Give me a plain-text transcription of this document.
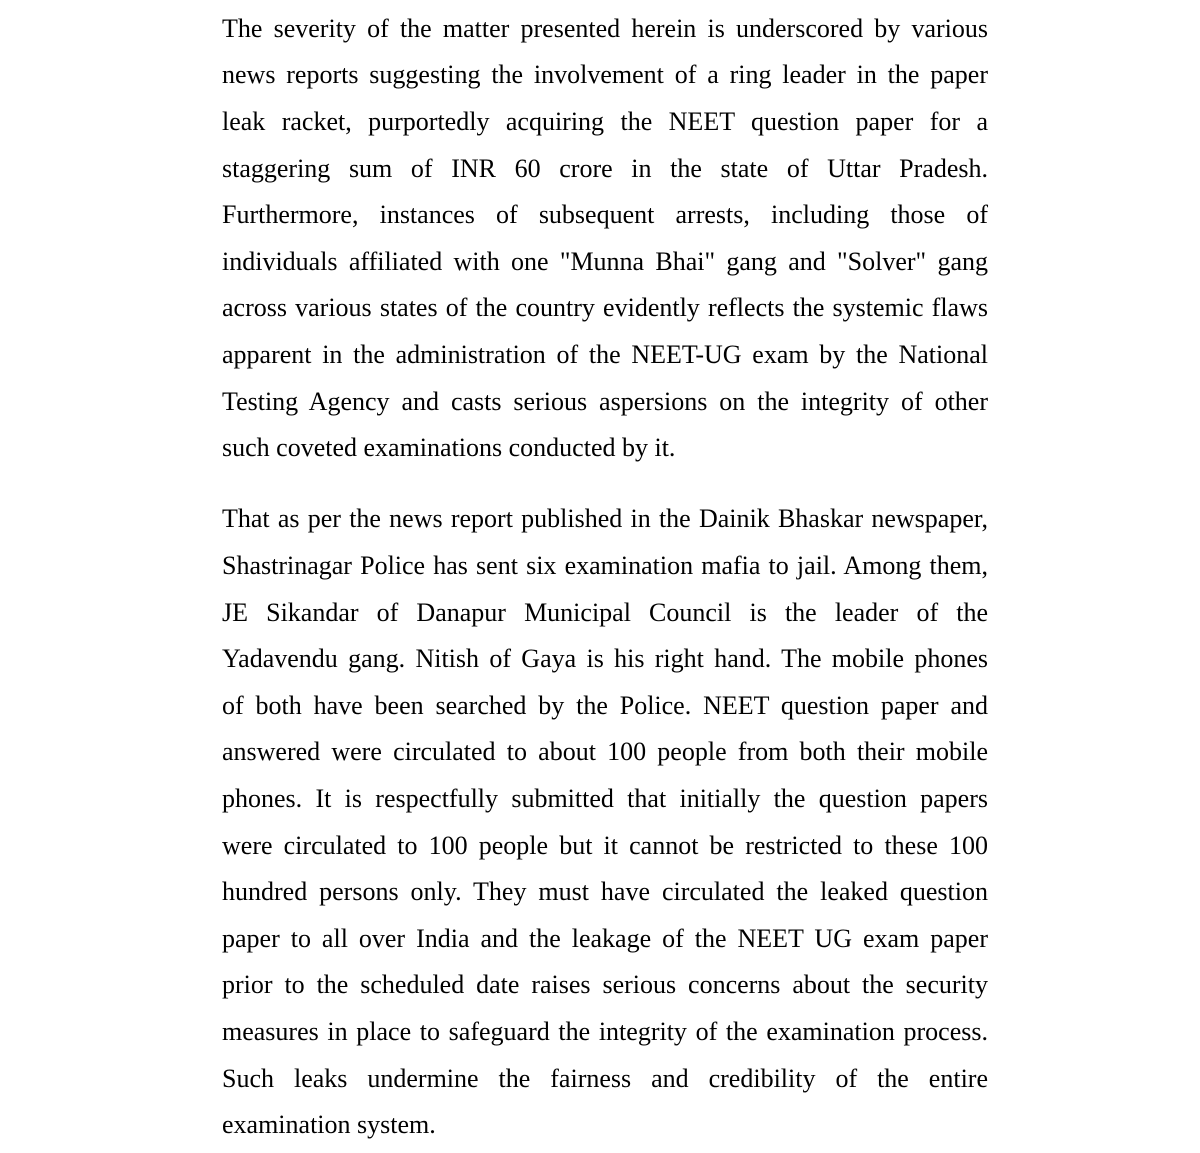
The severity of the matter presented herein is underscored by various
news reports suggesting the involvement of a ring leader in the paper
leak racket, purportedly acquiring the NEET question paper for a
staggering sum of INR 60 crore in the state of Uttar Pradesh.
Furthermore, instances of subsequent arrests, including those of
individuals affiliated with one "Munna Bhai" gang and "Solver" gang
across various states of the country evidently reflects the systemic flaws
apparent in the administration of the NEET-UG exam by the National
Testing Agency and casts serious aspersions on the integrity of other
such coveted examinations conducted by it.
That as per the news report published in the Dainik Bhaskar newspaper,
Shastrinagar Police has sent six examination mafia to jail. Among them,
JE Sikandar of Danapur Municipal Council is the leader of the
Yadavendu gang. Nitish of Gaya is his right hand. The mobile phones
of both have been searched by the Police. NEET question paper and
answered were circulated to about 100 people from both their mobile
phones. It is respectfully submitted that initially the question papers
were circulated to 100 people but it cannot be restricted to these 100
hundred persons only. They must have circulated the leaked question
paper to all over India and the leakage of the NEET UG exam paper
prior to the scheduled date raises serious concerns about the security
measures in place to safeguard the integrity of the examination process.
Such leaks undermine the fairness and credibility of the entire
examination system.
